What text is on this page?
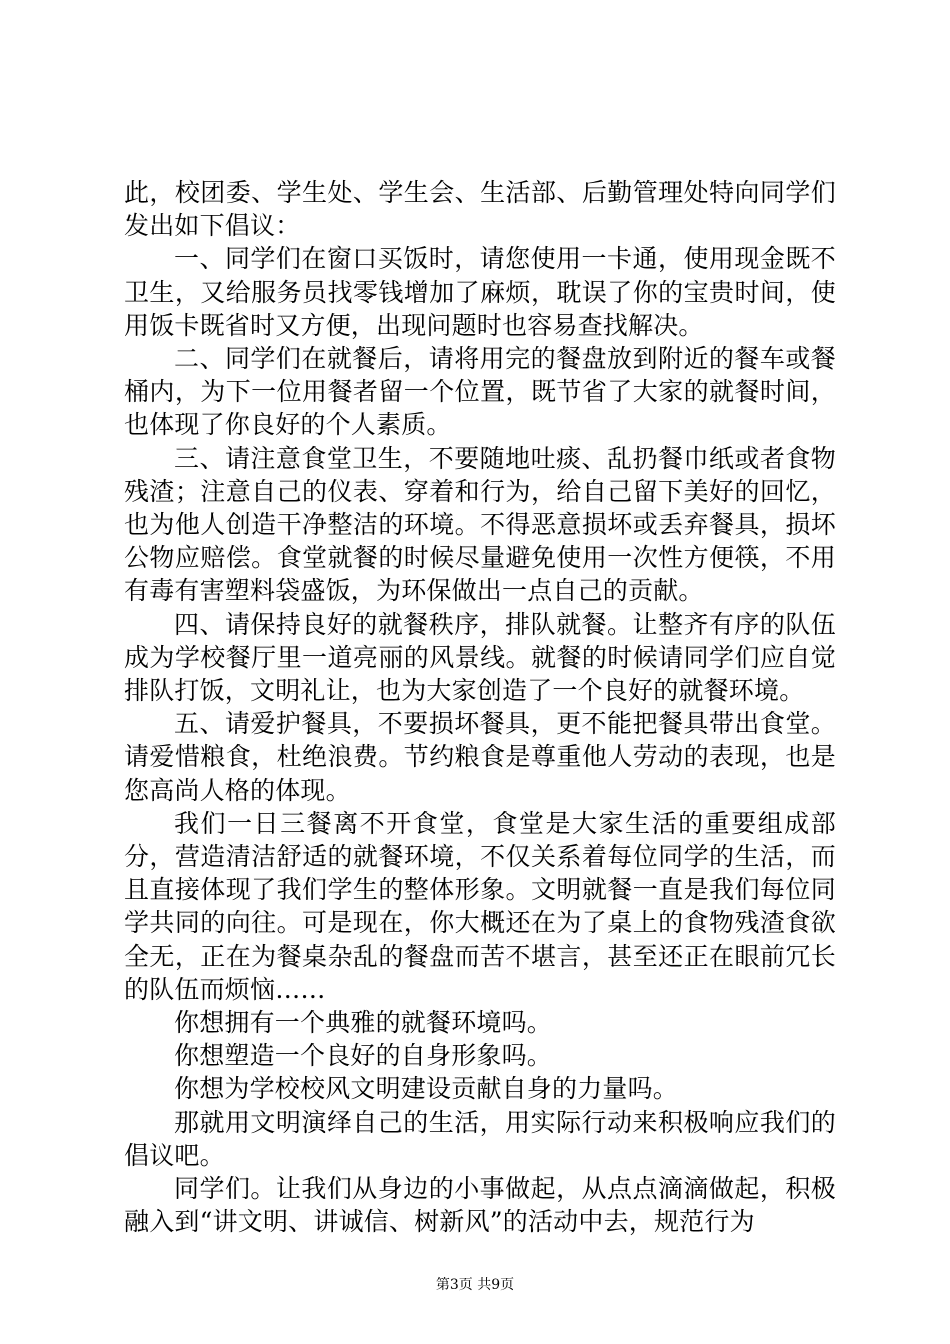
此，校团委、学生处、学生会、生活部、后勤管理处特向同学们发出如下倡议：

一、同学们在窗口买饭时，请您使用一卡通，使用现金既不卫生，又给服务员找零钱增加了麻烦，耽误了你的宝贵时间，使用饭卡既省时又方便，出现问题时也容易查找解决。

二、同学们在就餐后，请将用完的餐盘放到附近的餐车或餐桶内，为下一位用餐者留一个位置，既节省了大家的就餐时间，也体现了你良好的个人素质。

三、请注意食堂卫生，不要随地吐痰、乱扔餐巾纸或者食物残渣；注意自己的仪表、穿着和行为，给自己留下美好的回忆，也为他人创造干净整洁的环境。不得恶意损坏或丢弃餐具，损坏公物应赔偿。食堂就餐的时候尽量避免使用一次性方便筷，不用有毒有害塑料袋盛饭，为环保做出一点自己的贡献。

四、请保持良好的就餐秩序，排队就餐。让整齐有序的队伍成为学校餐厅里一道亮丽的风景线。就餐的时候请同学们应自觉排队打饭，文明礼让，也为大家创造了一个良好的就餐环境。

五、请爱护餐具，不要损坏餐具，更不能把餐具带出食堂。请爱惜粮食，杜绝浪费。节约粮食是尊重他人劳动的表现，也是您高尚人格的体现。

我们一日三餐离不开食堂，食堂是大家生活的重要组成部分，营造清洁舒适的就餐环境，不仅关系着每位同学的生活，而且直接体现了我们学生的整体形象。文明就餐一直是我们每位同学共同的向往。可是现在，你大概还在为了桌上的食物残渣食欲全无，正在为餐桌杂乱的餐盘而苦不堪言，甚至还正在眼前冗长的队伍而烦恼……

你想拥有一个典雅的就餐环境吗。

你想塑造一个良好的自身形象吗。

你想为学校校风文明建设贡献自身的力量吗。

那就用文明演绎自己的生活，用实际行动来积极响应我们的倡议吧。

同学们。让我们从身边的小事做起，从点点滴滴做起，积极融入到“讲文明、讲诚信、树新风”的活动中去，规范行为

第3页 共9页
